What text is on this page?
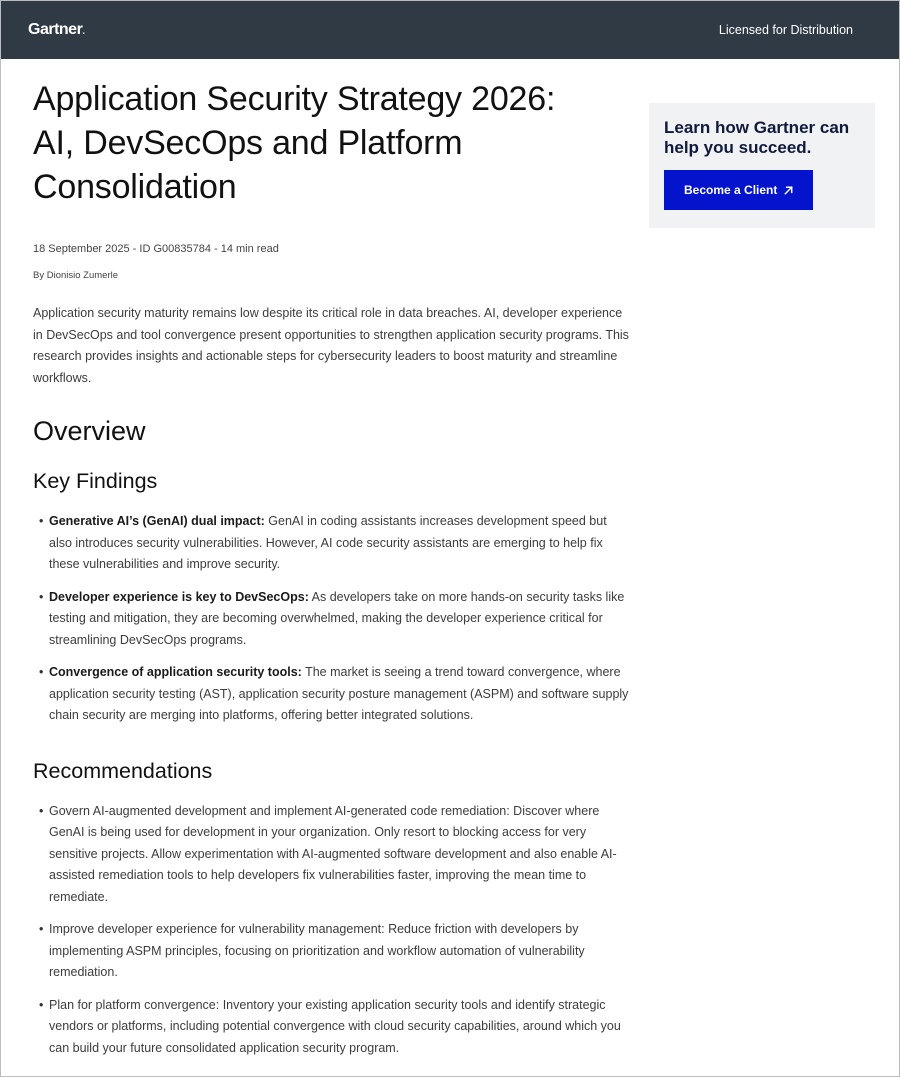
Gartner.	Licensed for Distribution
Application Security Strategy 2026:
AI, DevSecOps and Platform
Consolidation
18 September 2025 - ID G00835784 - 14 min read
By Dionisio Zumerle

Application security maturity remains low despite its critical role in data breaches. AI, developer experience in DevSecOps and tool convergence present opportunities to strengthen application security programs. This research provides insights and actionable steps for cybersecurity leaders to boost maturity and streamline workflows.

Overview
Key Findings
• Generative AI’s (GenAI) dual impact: GenAI in coding assistants increases development speed but also introduces security vulnerabilities. However, AI code security assistants are emerging to help fix these vulnerabilities and improve security.
• Developer experience is key to DevSecOps: As developers take on more hands-on security tasks like testing and mitigation, they are becoming overwhelmed, making the developer experience critical for streamlining DevSecOps programs.
• Convergence of application security tools: The market is seeing a trend toward convergence, where application security testing (AST), application security posture management (ASPM) and software supply chain security are merging into platforms, offering better integrated solutions.
Recommendations
• Govern AI-augmented development and implement AI-generated code remediation: Discover where GenAI is being used for development in your organization. Only resort to blocking access for very sensitive projects. Allow experimentation with AI-augmented software development and also enable AI-assisted remediation tools to help developers fix vulnerabilities faster, improving the mean time to remediate.
• Improve developer experience for vulnerability management: Reduce friction with developers by implementing ASPM principles, focusing on prioritization and workflow automation of vulnerability remediation.
• Plan for platform convergence: Inventory your existing application security tools and identify strategic vendors or platforms, including potential convergence with cloud security capabilities, around which you can build your future consolidated application security program.
Learn how Gartner can
help you succeed.
Become a Client
